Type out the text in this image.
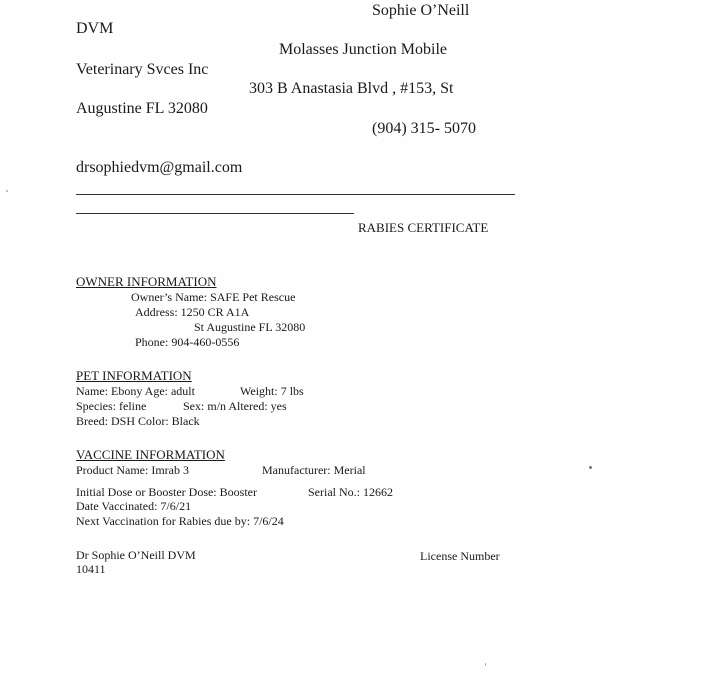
Sophie O’Neill
DVM
Molasses Junction Mobile
Veterinary Svces Inc
303 B Anastasia Blvd , #153, St
Augustine FL 32080
(904) 315- 5070
drsophiedvm@gmail.com
RABIES CERTIFICATE
OWNER INFORMATION
Owner’s Name: SAFE Pet Rescue
Address: 1250 CR A1A
St Augustine FL 32080
Phone: 904-460-0556
PET INFORMATION
Name: Ebony Age: adult	Weight: 7 lbs
Species: feline	Sex: m/n Altered: yes
Breed: DSH Color: Black
VACCINE INFORMATION
Product Name: Imrab 3	Manufacturer: Merial
Initial Dose or Booster Dose: Booster	Serial No.: 12662
Date Vaccinated: 7/6/21
Next Vaccination for Rabies due by: 7/6/24
Dr Sophie O’Neill DVM	License Number
10411
